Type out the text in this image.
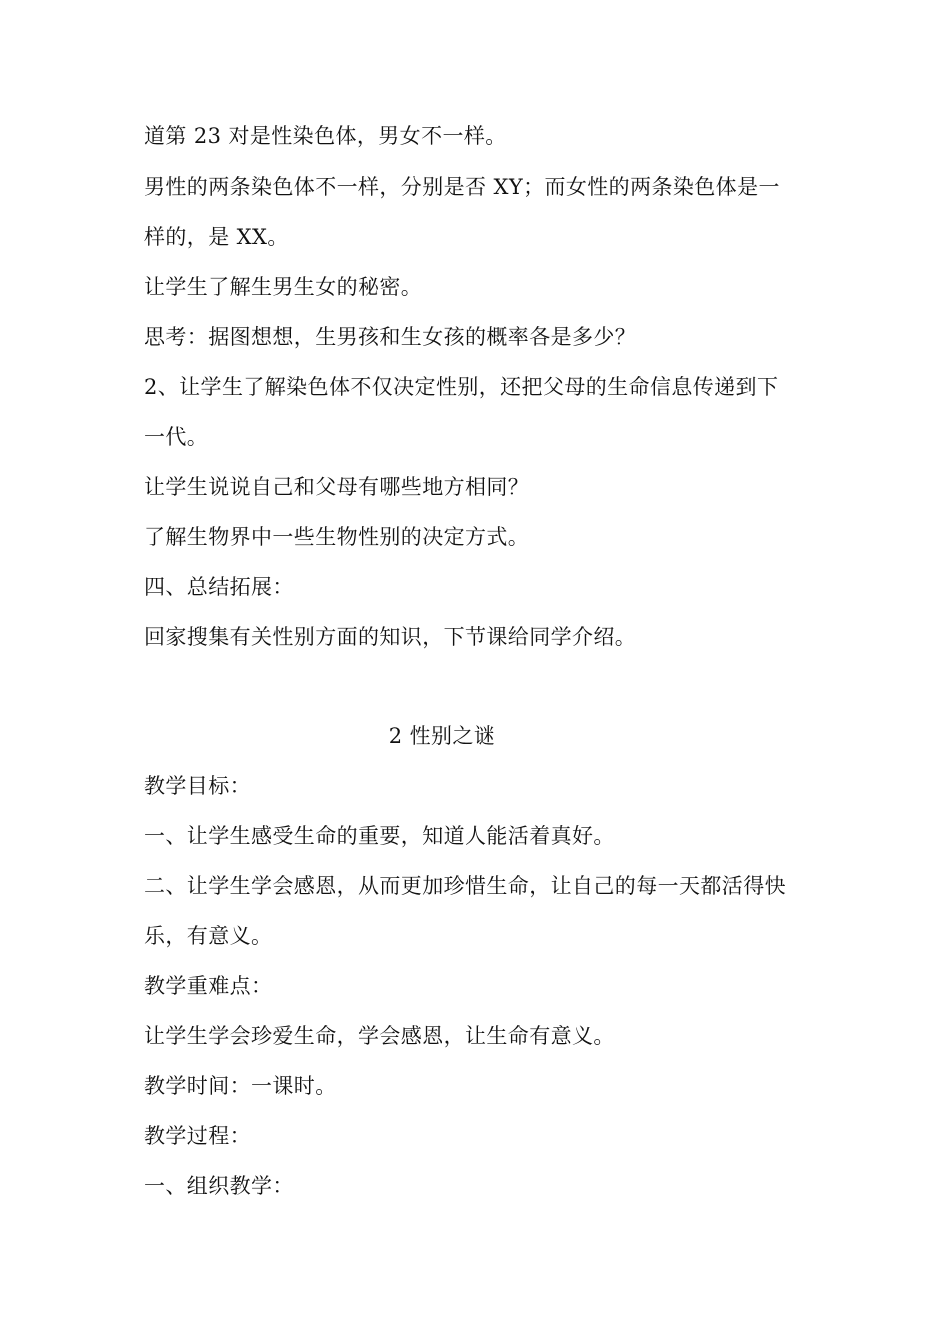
道第 23 对是性染色体，男女不一样。
男性的两条染色体不一样，分别是否 XY；而女性的两条染色体是一
样的，是 XX。
让学生了解生男生女的秘密。
思考：据图想想，生男孩和生女孩的概率各是多少？
2、让学生了解染色体不仅决定性别，还把父母的生命信息传递到下
一代。
让学生说说自己和父母有哪些地方相同？
了解生物界中一些生物性别的决定方式。
四、总结拓展：
回家搜集有关性别方面的知识，下节课给同学介绍。
2 性别之谜
教学目标：
一、让学生感受生命的重要，知道人能活着真好。
二、让学生学会感恩，从而更加珍惜生命，让自己的每一天都活得快
乐，有意义。
教学重难点：
让学生学会珍爱生命，学会感恩，让生命有意义。
教学时间：一课时。
教学过程：
一、组织教学：
